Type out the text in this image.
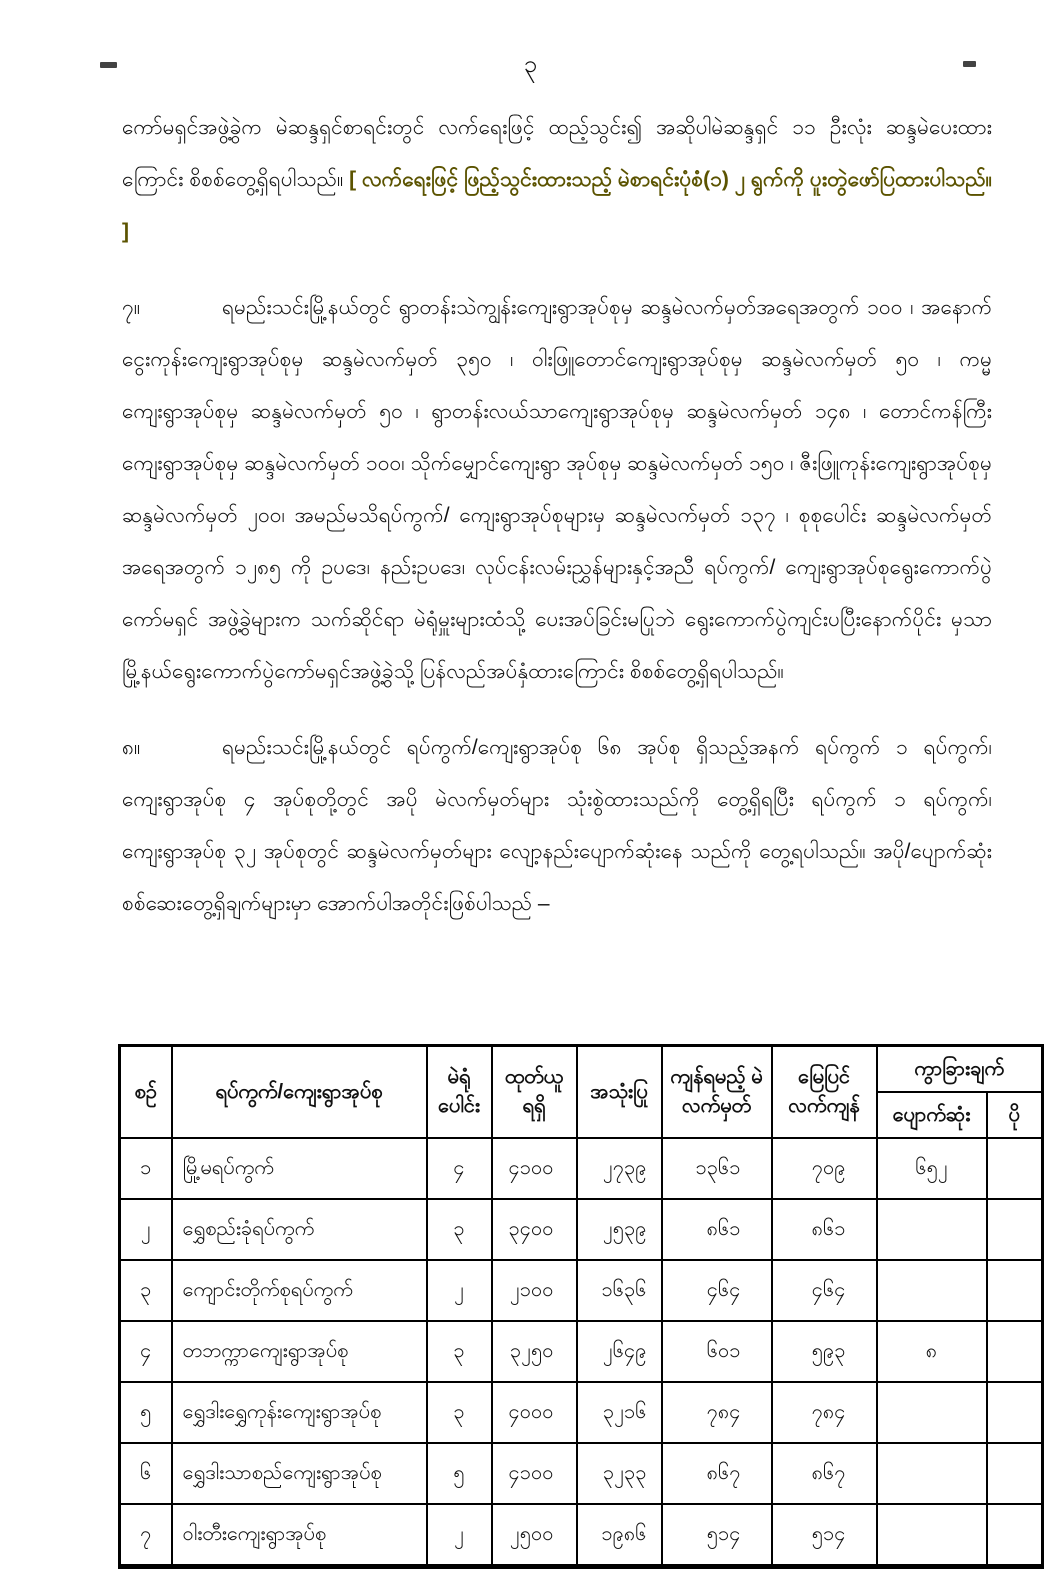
၃

ကော်မရှင်အဖွဲ့ခွဲက မဲဆန္ဒရှင်စာရင်းတွင် လက်ရေးဖြင့် ထည့်သွင်း၍ အဆိုပါမဲဆန္ဒရှင် ၁၁ ဦးလုံး ဆန္ဒမဲပေးထားကြောင်း စိစစ်တွေ့ရှိရပါသည်။ [ လက်ရေးဖြင့် ဖြည့်သွင်းထားသည့် မဲစာရင်းပုံစံ(၁) ၂ ရွက်ကို ပူးတွဲဖော်ပြထားပါသည်။ ]

၇။	ရမည်းသင်းမြို့နယ်တွင် ရွာတန်းသဲကျွန်းကျေးရွာအုပ်စုမှ ဆန္ဒမဲလက်မှတ်အရေအတွက် ၁၀၀ ၊ အနောက်ငွေးကုန်းကျေးရွာအုပ်စုမှ ဆန္ဒမဲလက်မှတ် ၃၅၀ ၊ ဝါးဖြူတောင်ကျေးရွာအုပ်စုမှ ဆန္ဒမဲလက်မှတ် ၅၀ ၊ ကမ္မကျေးရွာအုပ်စုမှ ဆန္ဒမဲလက်မှတ် ၅၀ ၊ ရွာတန်းလယ်သာကျေးရွာအုပ်စုမှ ဆန္ဒမဲလက်မှတ် ၁၄၈ ၊ တောင်ကန်ကြီးကျေးရွာအုပ်စုမှ ဆန္ဒမဲလက်မှတ် ၁၀၀၊ သိုက်မျှောင်ကျေးရွာ အုပ်စုမှ ဆန္ဒမဲလက်မှတ် ၁၅၀ ၊ ဇီးဖြူကုန်းကျေးရွာအုပ်စုမှ ဆန္ဒမဲလက်မှတ် ၂၀၀၊ အမည်မသိရပ်ကွက်/ ကျေးရွာအုပ်စုများမှ ဆန္ဒမဲလက်မှတ် ၁၃၇ ၊ စုစုပေါင်း ဆန္ဒမဲလက်မှတ်အရေအတွက် ၁၂၈၅ ကို ဥပဒေ၊ နည်းဥပဒေ၊ လုပ်ငန်းလမ်းညွှန်များနှင့်အညီ ရပ်ကွက်/ ကျေးရွာအုပ်စုရွေးကောက်ပွဲကော်မရှင် အဖွဲ့ခွဲများက သက်ဆိုင်ရာ မဲရုံမှူးများထံသို့ ပေးအပ်ခြင်းမပြုဘဲ ရွေးကောက်ပွဲကျင်းပပြီးနောက်ပိုင်း မှသာ မြို့နယ်ရွေးကောက်ပွဲကော်မရှင်အဖွဲ့ခွဲသို့ ပြန်လည်အပ်နှံထားကြောင်း စိစစ်တွေ့ရှိရပါသည်။

၈။	ရမည်းသင်းမြို့နယ်တွင် ရပ်ကွက်/ကျေးရွာအုပ်စု ၆၈ အုပ်စု ရှိသည့်အနက် ရပ်ကွက် ၁ ရပ်ကွက်၊ ကျေးရွာအုပ်စု ၄ အုပ်စုတို့တွင် အပို မဲလက်မှတ်များ သုံးစွဲထားသည်ကို တွေ့ရှိရပြီး ရပ်ကွက် ၁ ရပ်ကွက်၊ ကျေးရွာအုပ်စု ၃၂ အုပ်စုတွင် ဆန္ဒမဲလက်မှတ်များ လျော့နည်းပျောက်ဆုံးနေ သည်ကို တွေ့ရပါသည်။ အပို/ပျောက်ဆုံး စစ်ဆေးတွေ့ရှိချက်များမှာ အောက်ပါအတိုင်းဖြစ်ပါသည် –

စဉ်	ရပ်ကွက်/ကျေးရွာအုပ်စု	မဲရုံ ပေါင်း	ထုတ်ယူ ရရှိ	အသုံးပြု	ကျန်ရမည့် မဲလက်မှတ်	မြေပြင် လက်ကျန်	ကွာခြားချက်	
							ပျောက်ဆုံး	ပို
၁	မြို့မရပ်ကွက်	၄	၄၁၀၀	၂၇၃၉	၁၃၆၁	၇၀၉	၆၅၂	
၂	ရွှေစည်းခုံရပ်ကွက်	၃	၃၄၀၀	၂၅၃၉	၈၆၁	၈၆၁		
၃	ကျောင်းတိုက်စုရပ်ကွက်	၂	၂၁၀၀	၁၆၃၆	၄၆၄	၄၆၄		
၄	တဘက္ကာကျေးရွာအုပ်စု	၃	၃၂၅၀	၂၆၄၉	၆၀၁	၅၉၃	၈	
၅	ရွှေဒါးရွှေကုန်းကျေးရွာအုပ်စု	၃	၄၀၀၀	၃၂၁၆	၇၈၄	၇၈၄		
၆	ရွှေဒါးသာစည်ကျေးရွာအုပ်စု	၅	၄၁၀၀	၃၂၃၃	၈၆၇	၈၆၇		
၇	ဝါးတီးကျေးရွာအုပ်စု	၂	၂၅၀၀	၁၉၈၆	၅၁၄	၅၁၄		
